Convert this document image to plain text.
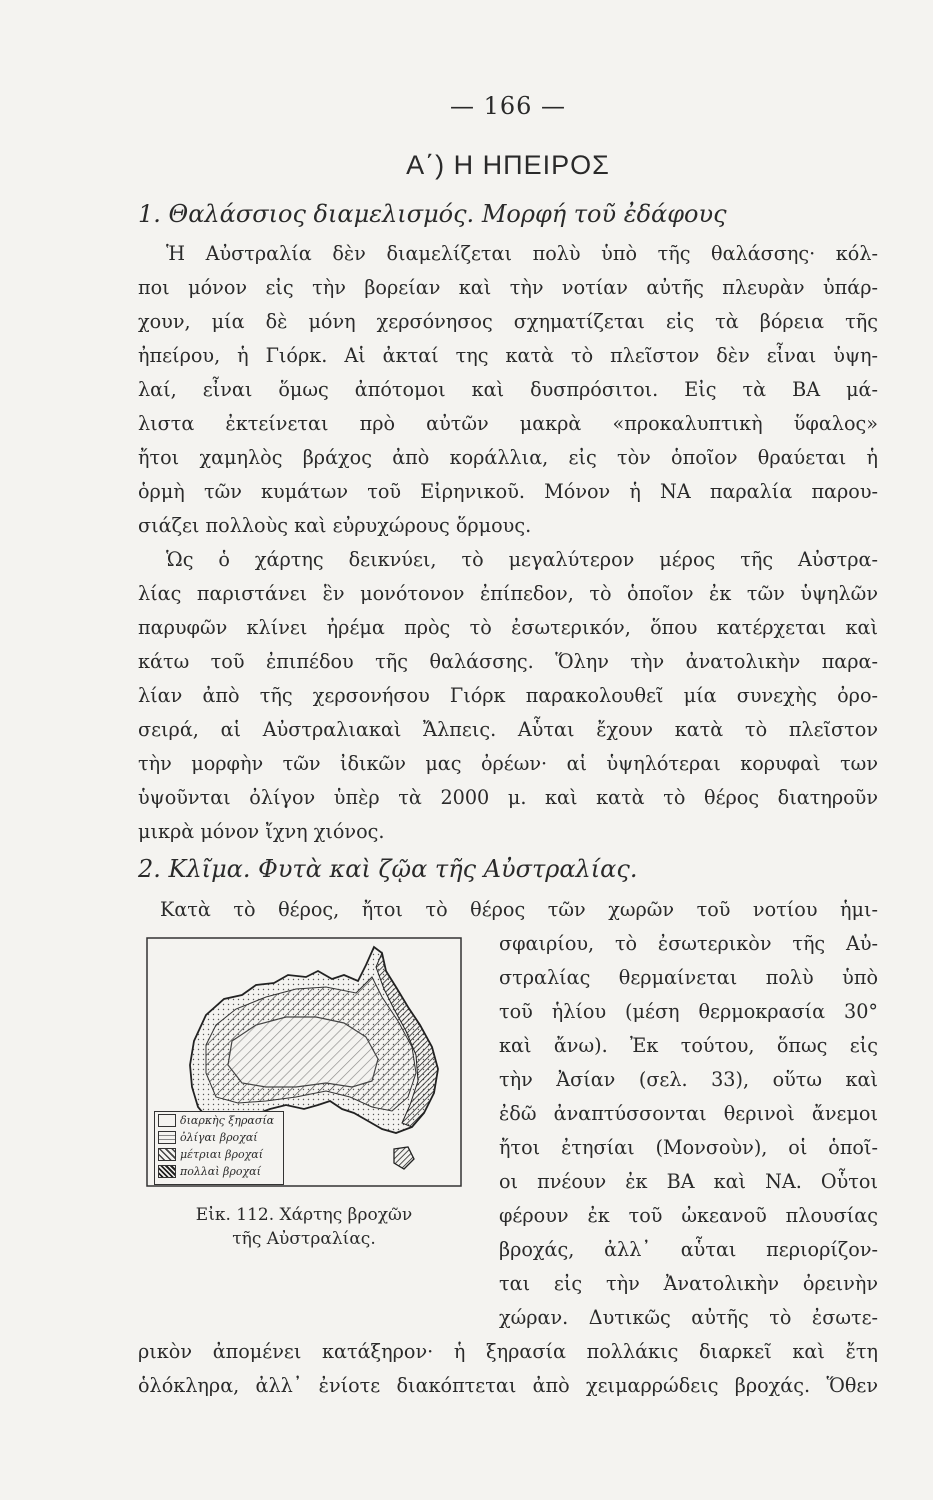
— 166 —
Α΄) Η ΗΠΕΙΡΟΣ
1. Θαλάσσιος διαμελισμός. Μορφή τοῦ ἐδάφους
Ἡ Αὐστραλία δὲν διαμελίζεται πολὺ ὑπὸ τῆς θαλάσσης· κόλ-
ποι μόνον εἰς τὴν βορείαν καὶ τὴν νοτίαν αὐτῆς πλευρὰν ὑπάρ-
χουν, μία δὲ μόνη χερσόνησος σχηματίζεται εἰς τὰ βόρεια τῆς
ἠπείρου, ἡ Γιόρκ. Αἱ ἀκταί της κατὰ τὸ πλεῖστον δὲν εἶναι ὑψη-
λαί, εἶναι ὅμως ἀπότομοι καὶ δυσπρόσιτοι. Εἰς τὰ ΒΑ μά-
λιστα ἐκτείνεται πρὸ αὐτῶν μακρὰ «προκαλυπτικὴ ὕφαλος»
ἤτοι χαμηλὸς βράχος ἀπὸ κοράλλια, εἰς τὸν ὁποῖον θραύεται ἡ
ὁρμὴ τῶν κυμάτων τοῦ Εἰρηνικοῦ. Μόνον ἡ ΝΑ παραλία παρου-
σιάζει πολλοὺς καὶ εὐρυχώρους ὅρμους.
Ὡς ὁ χάρτης δεικνύει, τὸ μεγαλύτερον μέρος τῆς Αὐστρα-
λίας παριστάνει ἓν μονότονον ἐπίπεδον, τὸ ὁποῖον ἐκ τῶν ὑψηλῶν
παρυφῶν κλίνει ἠρέμα πρὸς τὸ ἐσωτερικόν, ὅπου κατέρχεται καὶ
κάτω τοῦ ἐπιπέδου τῆς θαλάσσης. Ὅλην τὴν ἀνατολικὴν παρα-
λίαν ἀπὸ τῆς χερσονήσου Γιόρκ παρακολουθεῖ μία συνεχὴς ὀρο-
σειρά, αἱ Αὐστραλιακαὶ Ἄλπεις. Αὗται ἔχουν κατὰ τὸ πλεῖστον
τὴν μορφὴν τῶν ἰδικῶν μας ὀρέων· αἱ ὑψηλότεραι κορυφαὶ των
ὑψοῦνται ὀλίγον ὑπὲρ τὰ 2000 μ. καὶ κατὰ τὸ θέρος διατηροῦν
μικρὰ μόνον ἴχνη χιόνος.
2. Κλῖμα. Φυτὰ καὶ ζῷα τῆς Αὐστραλίας.
Κατὰ τὸ θέρος, ἤτοι τὸ θέρος τῶν χωρῶν τοῦ νοτίου ἡμι-
σφαιρίου, τὸ ἐσωτερικὸν τῆς Αὐ-
στραλίας θερμαίνεται πολὺ ὑπὸ
τοῦ ἡλίου (μέση θερμοκρασία 30°
καὶ ἄνω). Ἐκ τούτου, ὅπως εἰς
τὴν Ἀσίαν (σελ. 33), οὕτω καὶ
ἐδῶ ἀναπτύσσονται θερινοὶ ἄνεμοι
ἤτοι ἐτησίαι (Μονσοὺν), οἱ ὁποῖ-
οι πνέουν ἐκ ΒΑ καὶ ΝΑ. Οὗτοι
φέρουν ἐκ τοῦ ὠκεανοῦ πλουσίας
βροχάς, ἀλλ᾽ αὗται περιορίζον-
ται εἰς τὴν Ἀνατολικὴν ὀρεινὴν
χώραν. Δυτικῶς αὐτῆς τὸ ἐσωτε-
ρικὸν ἀπομένει κατάξηρον· ἡ ξηρασία πολλάκις διαρκεῖ καὶ ἔτη
ὁλόκληρα, ἀλλ᾽ ἐνίοτε διακόπτεται ἀπὸ χειμαρρώδεις βροχάς. Ὅθεν
διαρκὴς ξηρασία
ὀλίγαι βροχαί
μέτριαι βροχαί
πολλαὶ βροχαί
Εἰκ. 112. Χάρτης βροχῶν
τῆς Αὐστραλίας.
